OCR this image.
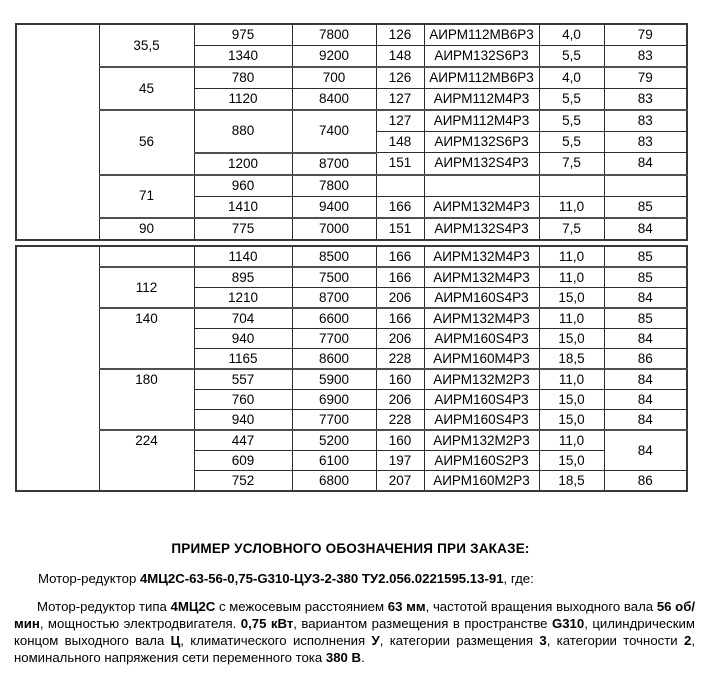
	35,5	975	7800	126	АИРМ112МВ6Р3	4,0	79
		1340	9200	148	АИРМ132S6Р3	5,5	83
	45	780	700	126	АИРМ112МВ6Р3	4,0	79
		1120	8400	127	АИРМ112М4Р3	5,5	83
	56	880	7400	127	АИРМ112М4Р3	5,5	83
				148	АИРМ132S6Р3	5,5	83
		1200	8700	151	АИРМ132S4Р3	7,5	84
	71	960	7800				
		1410	9400	166	АИРМ132М4Р3	11,0	85
	90	775	7000	151	АИРМ132S4Р3	7,5	84
		1140	8500	166	АИРМ132М4Р3	11,0	85
	112	895	7500	166	АИРМ132М4Р3	11,0	85
		1210	8700	206	АИРМ160S4Р3	15,0	84
	140	704	6600	166	АИРМ132М4Р3	11,0	85
		940	7700	206	АИРМ160S4Р3	15,0	84
		1165	8600	228	АИРМ160М4Р3	18,5	86
	180	557	5900	160	АИРМ132М2Р3	11,0	84
		760	6900	206	АИРМ160S4Р3	15,0	84
		940	7700	228	АИРМ160S4Р3	15,0	84
	224	447	5200	160	АИРМ132М2Р3	11,0	84
		609	6100	197	АИРМ160S2Р3	15,0	
		752	6800	207	АИРМ160М2Р3	18,5	86
ПРИМЕР УСЛОВНОГО ОБОЗНАЧЕНИЯ ПРИ ЗАКАЗЕ:

Мотор-редуктор 4МЦ2С-63-56-0,75-G310-ЦУЗ-2-380 ТУ2.056.0221595.13-91, где:

Мотор-редуктор типа 4МЦ2С с межосевым расстоянием 63 мм, частотой вращения выходного вала 56 об/мин, мощностью электродвигателя. 0,75 кВт, вариантом размещения в пространстве G310, цилиндрическим концом выходного вала Ц, климатического исполнения У, категории размещения 3, категории точности 2, номинального напряжения сети переменного тока 380 В.
